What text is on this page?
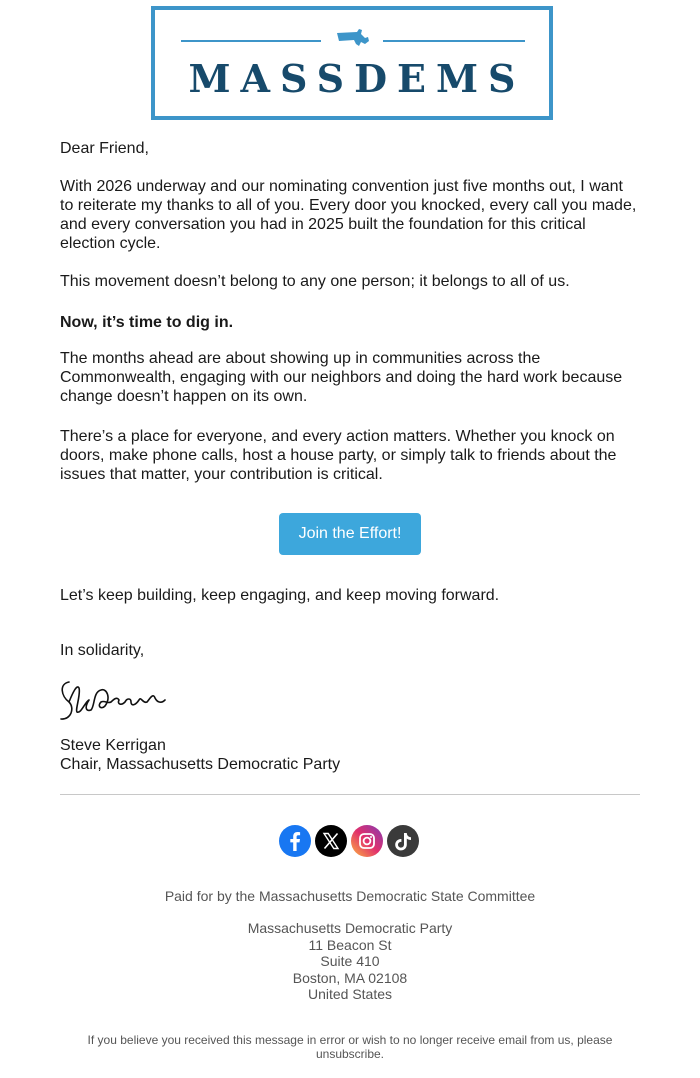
MASSDEMS

Dear Friend,

With 2026 underway and our nominating convention just five months out, I want to reiterate my thanks to all of you. Every door you knocked, every call you made, and every conversation you had in 2025 built the foundation for this critical election cycle.

This movement doesn’t belong to any one person; it belongs to all of us.

Now, it’s time to dig in.

The months ahead are about showing up in communities across the Commonwealth, engaging with our neighbors and doing the hard work because change doesn’t happen on its own.

There’s a place for everyone, and every action matters. Whether you knock on doors, make phone calls, host a house party, or simply talk to friends about the issues that matter, your contribution is critical.

Join the Effort!

Let’s keep building, keep engaging, and keep moving forward.

In solidarity,

Steve Kerrigan

Chair, Massachusetts Democratic Party

Paid for by the Massachusetts Democratic State Committee
Massachusetts Democratic Party
11 Beacon St
Suite 410
Boston, MA 02108
United States
If you believe you received this message in error or wish to no longer receive email from us, please unsubscribe.
